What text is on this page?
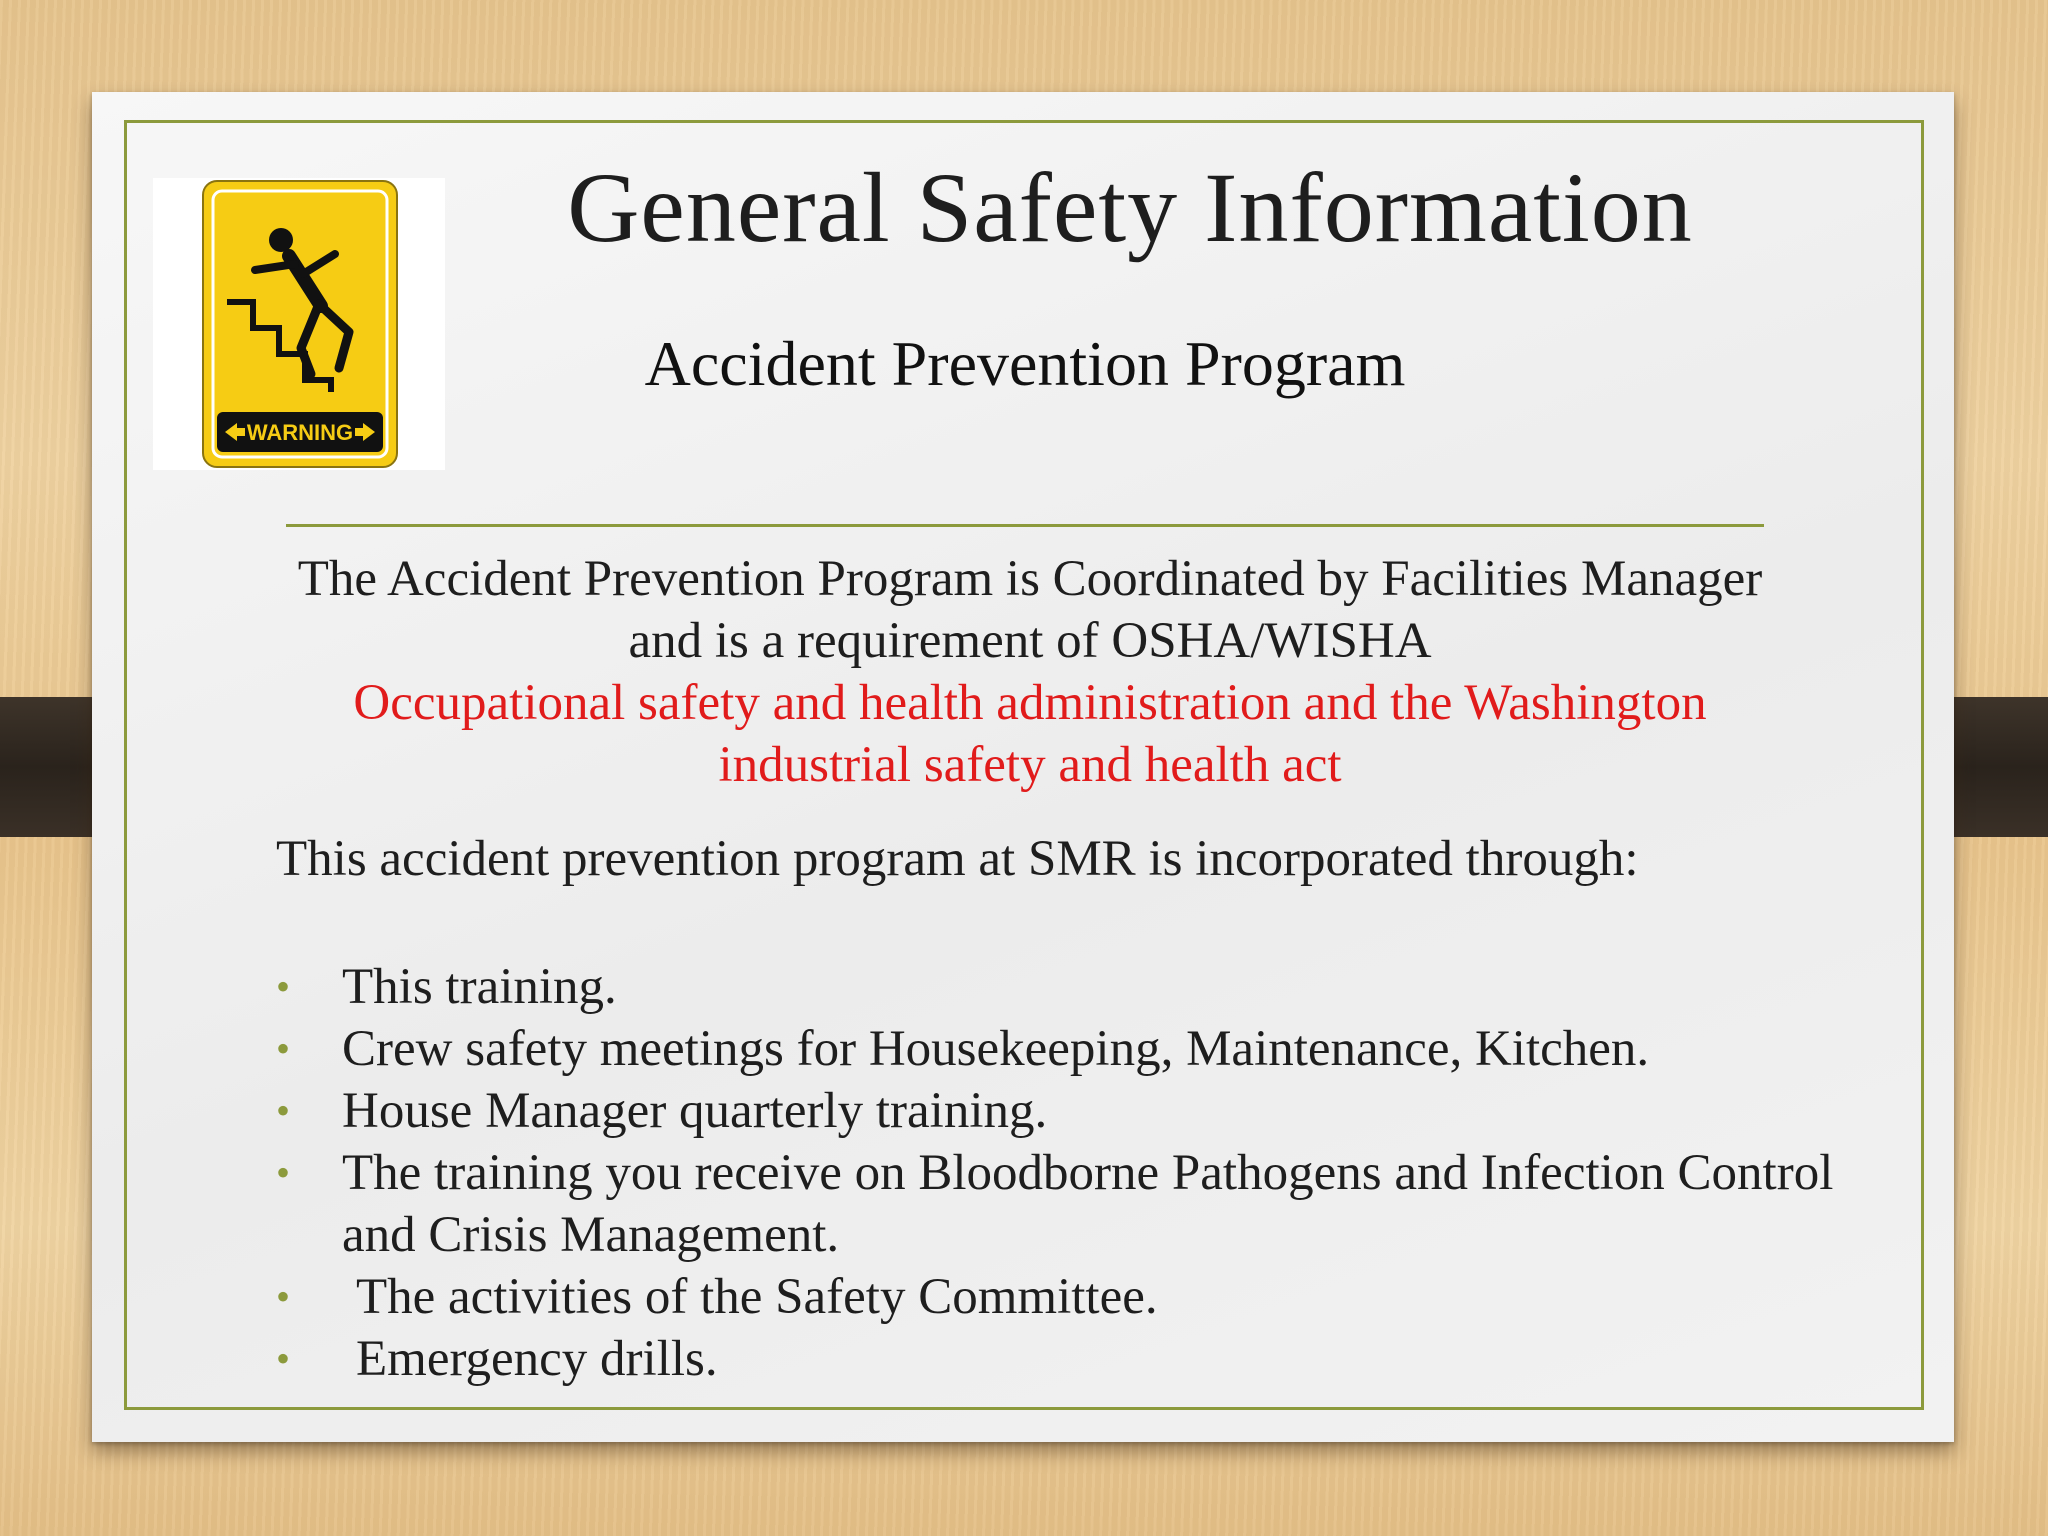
WARNING
General Safety Information
Accident Prevention Program
The Accident Prevention Program is Coordinated by Facilities Manager
and is a requirement of OSHA/WISHA
Occupational safety and health administration and the Washington
industrial safety and health act
This accident prevention program at SMR is incorporated through:
• This training.
• Crew safety meetings for Housekeeping, Maintenance, Kitchen.
• House Manager quarterly training.
• The training you receive on Bloodborne Pathogens and Infection Control and Crisis Management.
• The activities of the Safety Committee.
• Emergency drills.
